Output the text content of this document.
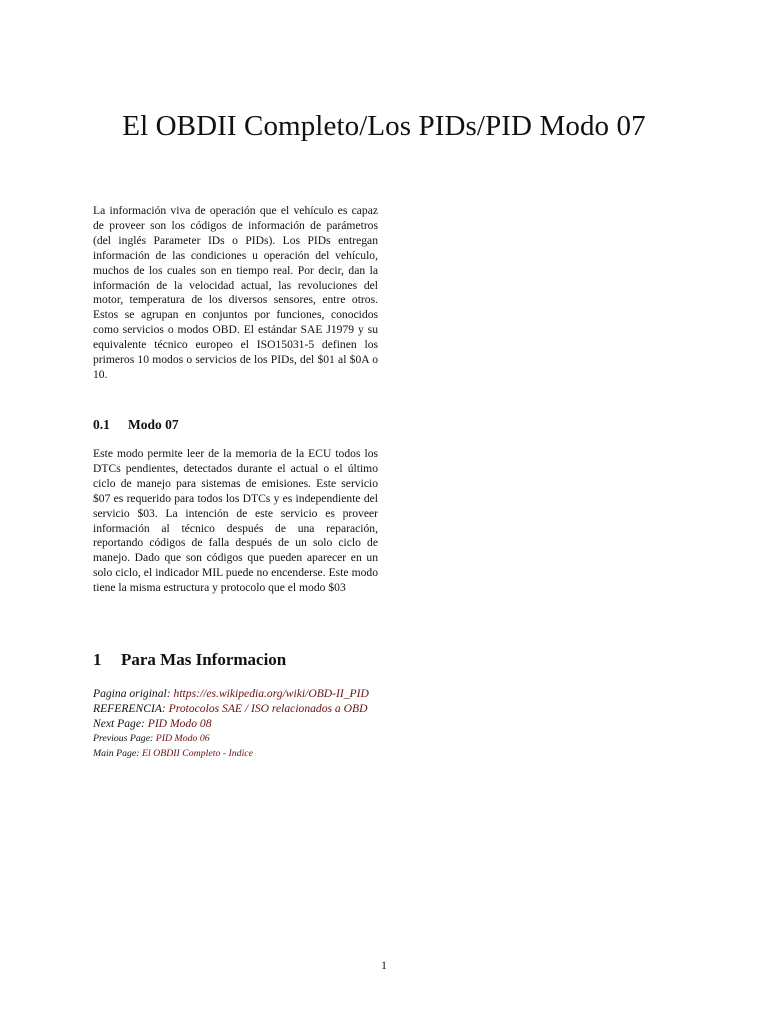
El OBDII Completo/Los PIDs/PID Modo 07

La información viva de operación que el vehículo es capaz de proveer son los códigos de información de parámetros (del inglés Parameter IDs o PIDs). Los PIDs entregan información de las condiciones u operación del vehículo, muchos de los cuales son en tiempo real. Por decir, dan la información de la velocidad actual, las revoluciones del motor, temperatura de los diversos sensores, entre otros. Estos se agrupan en conjuntos por funciones, conocidos como servicios o modos OBD. El estándar SAE J1979 y su equivalente técnico europeo el ISO15031-5 definen los primeros 10 modos o servicios de los PIDs, del $01 al $0A o 10.

0.1 Modo 07

Este modo permite leer de la memoria de la ECU todos los DTCs pendientes, detectados durante el actual o el último ciclo de manejo para sistemas de emisiones. Este servicio $07 es requerido para todos los DTCs y es independiente del servicio $03. La intención de este servicio es proveer información al técnico después de una reparación, reportando códigos de falla después de un solo ciclo de manejo. Dado que son códigos que pueden aparecer en un solo ciclo, el indicador MIL puede no encenderse. Este modo tiene la misma estructura y protocolo que el modo $03

1 Para Mas Informacion
Pagina original: https://es.wikipedia.org/wiki/OBD-II_PID
REFERENCIA: Protocolos SAE / ISO relacionados a OBD
Next Page: PID Modo 08
Previous Page: PID Modo 06
Main Page: El OBDII Completo - Indice
1
